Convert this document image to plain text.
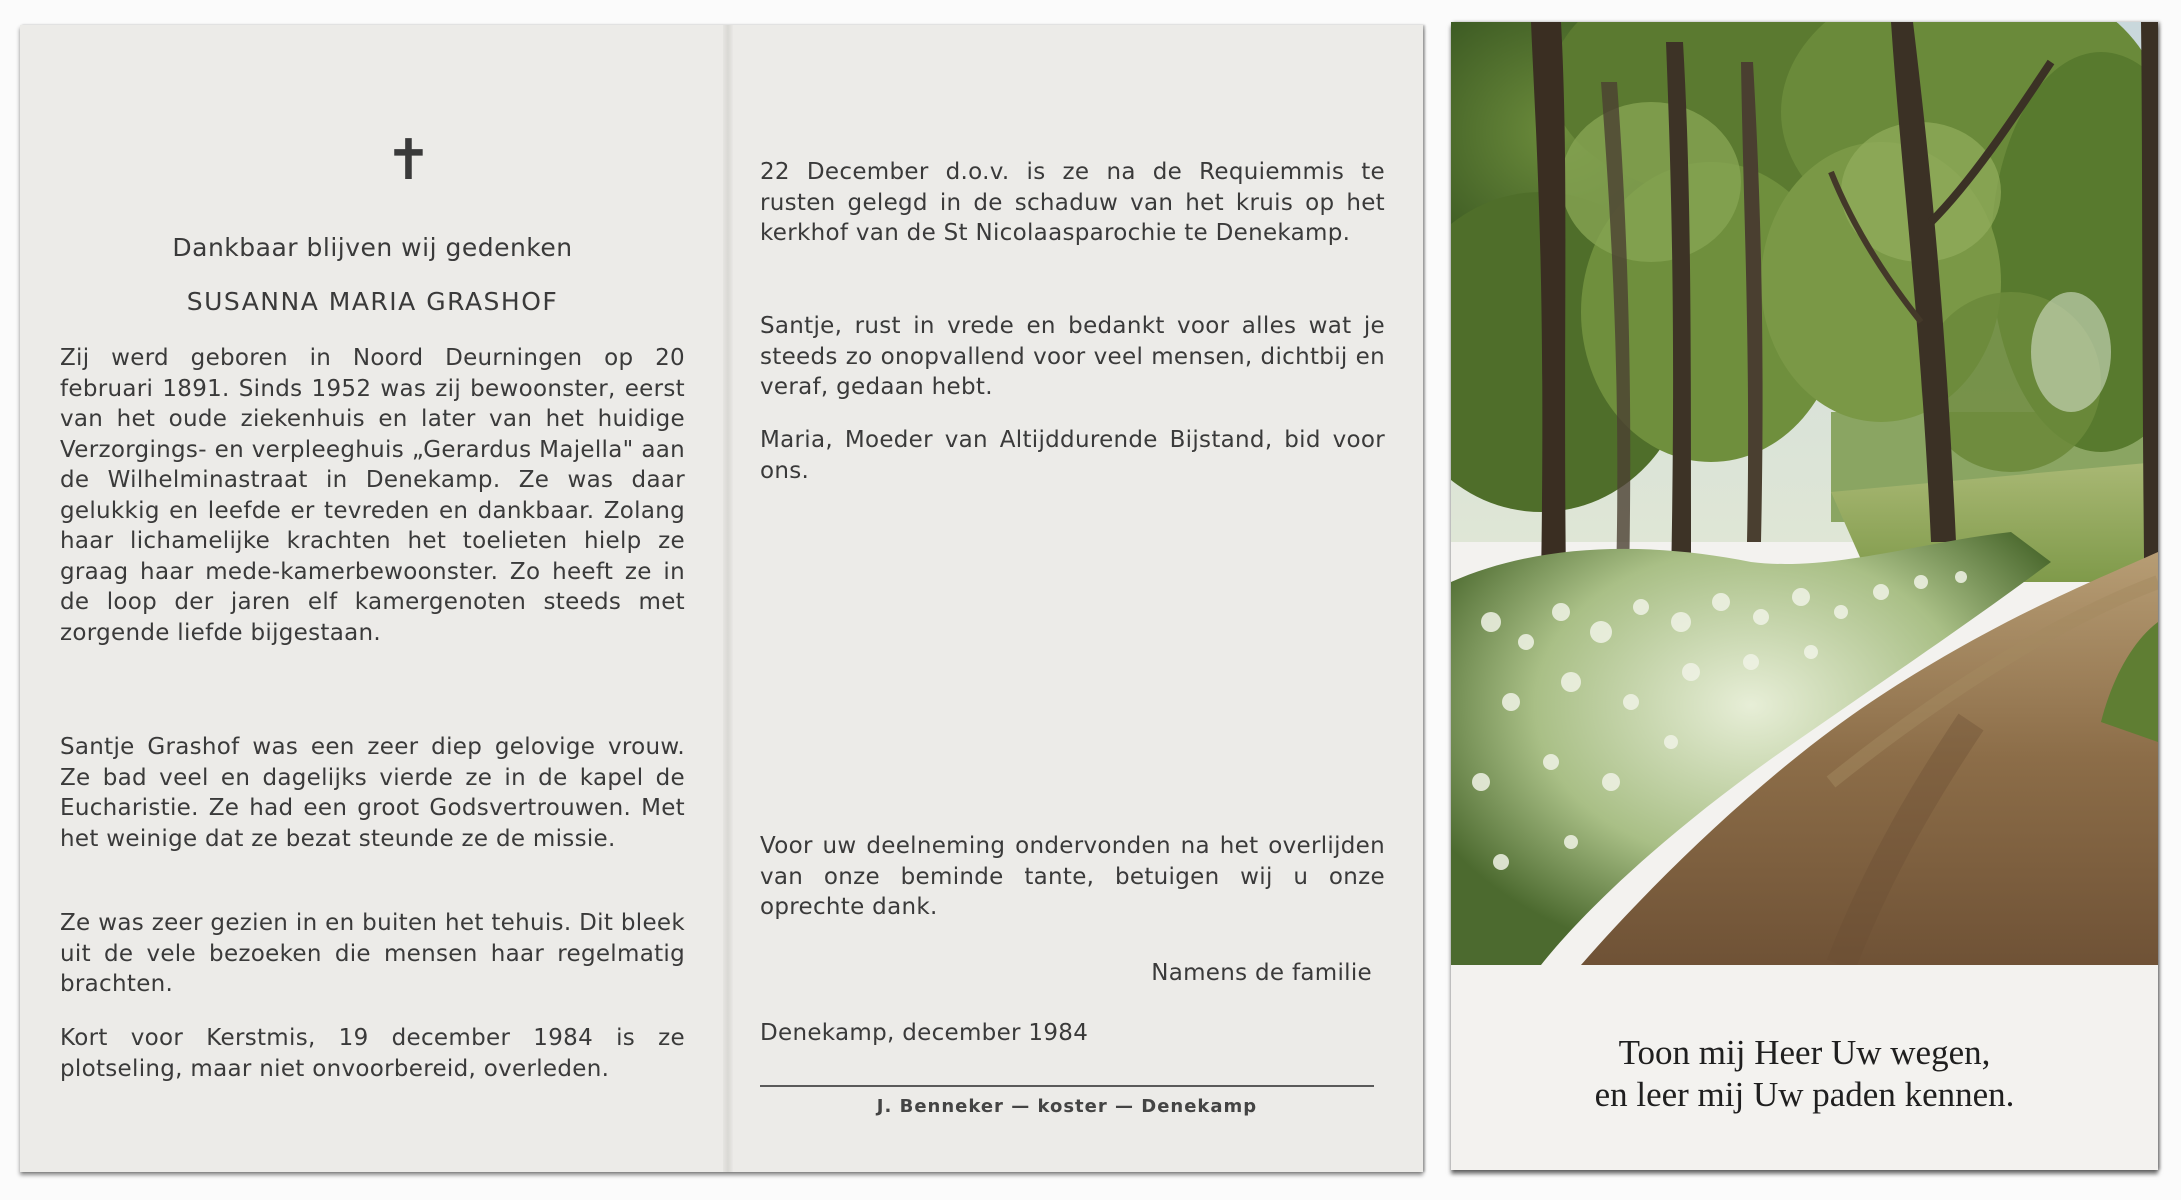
✝
Dankbaar blijven wij gedenken
SUSANNA MARIA GRASHOF

Zij werd geboren in Noord Deurningen op 20 februari 1891. Sinds 1952 was zij bewoonster, eerst van het oude ziekenhuis en later van het huidige Verzorgings- en verpleeghuis „Gerardus Majella" aan de Wilhelminastraat in Denekamp. Ze was daar gelukkig en leefde er tevreden en dankbaar. Zolang haar lichamelijke krachten het toelieten hielp ze graag haar mede-kamerbewoonster. Zo heeft ze in de loop der jaren elf kamergenoten steeds met zorgende liefde bijgestaan.

Santje Grashof was een zeer diep gelovige vrouw. Ze bad veel en dagelijks vierde ze in de kapel de Eucharistie. Ze had een groot Godsvertrouwen. Met het weinige dat ze bezat steunde ze de missie.

Ze was zeer gezien in en buiten het tehuis. Dit bleek uit de vele bezoeken die mensen haar regelmatig brachten.

Kort voor Kerstmis, 19 december 1984 is ze plotseling, maar niet onvoorbereid, overleden.

22 December d.o.v. is ze na de Requiemmis te rusten gelegd in de schaduw van het kruis op het kerkhof van de St Nicolaasparochie te Denekamp.

Santje, rust in vrede en bedankt voor alles wat je steeds zo onopvallend voor veel mensen, dichtbij en veraf, gedaan hebt.

Maria, Moeder van Altijddurende Bijstand, bid voor ons.

Voor uw deelneming ondervonden na het overlijden van onze beminde tante, betuigen wij u onze oprechte dank.

Namens de familie
Denekamp, december 1984
J. Benneker — koster — Denekamp
Toon mij Heer Uw wegen,
en leer mij Uw paden kennen.
